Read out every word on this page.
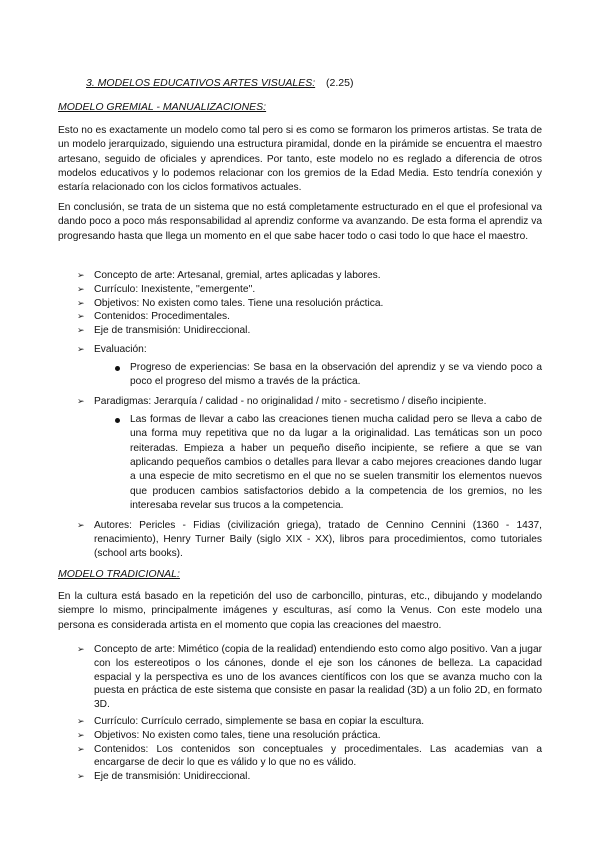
3. MODELOS EDUCATIVOS ARTES VISUALES: (2.25)
MODELO GREMIAL - MANUALIZACIONES:
Esto no es exactamente un modelo como tal pero si es como se formaron los primeros artistas. Se trata de un modelo jerarquizado, siguiendo una estructura piramidal, donde en la pirámide se encuentra el maestro artesano, seguido de oficiales y aprendices. Por tanto, este modelo no es reglado a diferencia de otros modelos educativos y lo podemos relacionar con los gremios de la Edad Media. Esto tendría conexión y estaría relacionado con los ciclos formativos actuales.
En conclusión, se trata de un sistema que no está completamente estructurado en el que el profesional va dando poco a poco más responsabilidad al aprendiz conforme va avanzando. De esta forma el aprendiz va progresando hasta que llega un momento en el que sabe hacer todo o casi todo lo que hace el maestro.
➢ Concepto de arte: Artesanal, gremial, artes aplicadas y labores.
➢ Currículo: Inexistente, ''emergente''.
➢ Objetivos: No existen como tales. Tiene una resolución práctica.
➢ Contenidos: Procedimentales.
➢ Eje de transmisión: Unidireccional.
➢ Evaluación:
Progreso de experiencias: Se basa en la observación del aprendiz y se va viendo poco a poco el progreso del mismo a través de la práctica.
➢ Paradigmas: Jerarquía / calidad - no originalidad / mito - secretismo / diseño incipiente.
Las formas de llevar a cabo las creaciones tienen mucha calidad pero se lleva a cabo de una forma muy repetitiva que no da lugar a la originalidad. Las temáticas son un poco reiteradas. Empieza a haber un pequeño diseño incipiente, se refiere a que se van aplicando pequeños cambios o detalles para llevar a cabo mejores creaciones dando lugar a una especie de mito secretismo en el que no se suelen transmitir los elementos nuevos que producen cambios satisfactorios debido a la competencia de los gremios, no les interesaba revelar sus trucos a la competencia.
➢ Autores: Pericles - Fidias (civilización griega), tratado de Cennino Cennini (1360 - 1437, renacimiento), Henry Turner Baily (siglo XIX - XX), libros para procedimientos, como tutoriales (school arts books).
MODELO TRADICIONAL:
En la cultura está basado en la repetición del uso de carboncillo, pinturas, etc., dibujando y modelando siempre lo mismo, principalmente imágenes y esculturas, así como la Venus. Con este modelo una persona es considerada artista en el momento que copia las creaciones del maestro.
➢ Concepto de arte: Mimético (copia de la realidad) entendiendo esto como algo positivo. Van a jugar con los estereotipos o los cánones, donde el eje son los cánones de belleza. La capacidad espacial y la perspectiva es uno de los avances científicos con los que se avanza mucho con la puesta en práctica de este sistema que consiste en pasar la realidad (3D) a un folio 2D, en formato 3D.
➢ Currículo: Currículo cerrado, simplemente se basa en copiar la escultura.
➢ Objetivos: No existen como tales, tiene una resolución práctica.
➢ Contenidos: Los contenidos son conceptuales y procedimentales. Las academias van a encargarse de decir lo que es válido y lo que no es válido.
➢ Eje de transmisión: Unidireccional.
